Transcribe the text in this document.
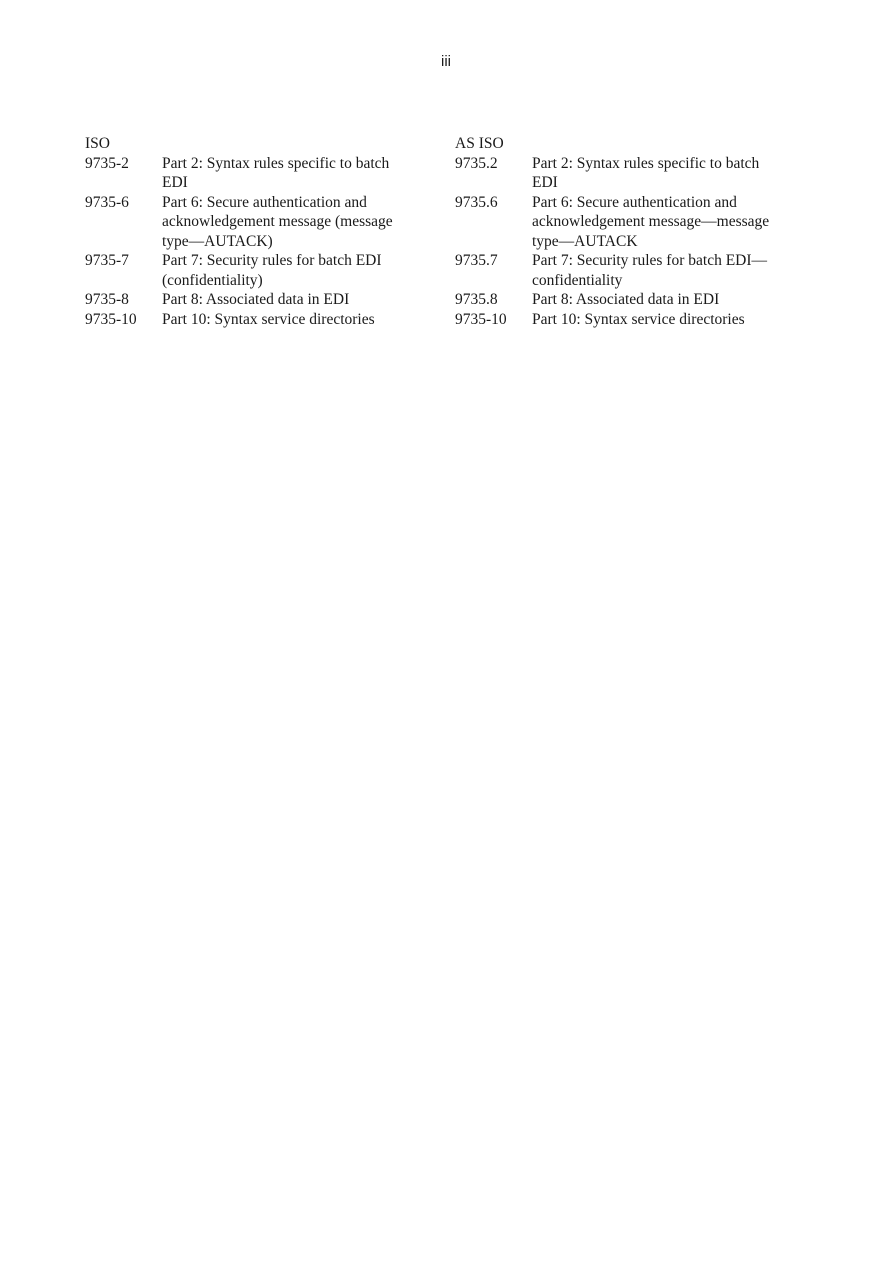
iii
ISO
9735-2	Part 2: Syntax rules specific to batch
EDI
9735-6	Part 6: Secure authentication and
acknowledgement message (message
type—AUTACK)
9735-7	Part 7: Security rules for batch EDI
(confidentiality)
9735-8	Part 8: Associated data in EDI
9735-10	Part 10: Syntax service directories
AS ISO
9735.2	Part 2: Syntax rules specific to batch
EDI
9735.6	Part 6: Secure authentication and
acknowledgement message—message
type—AUTACK
9735.7	Part 7: Security rules for batch EDI—
confidentiality
9735.8	Part 8: Associated data in EDI
9735-10	Part 10: Syntax service directories
